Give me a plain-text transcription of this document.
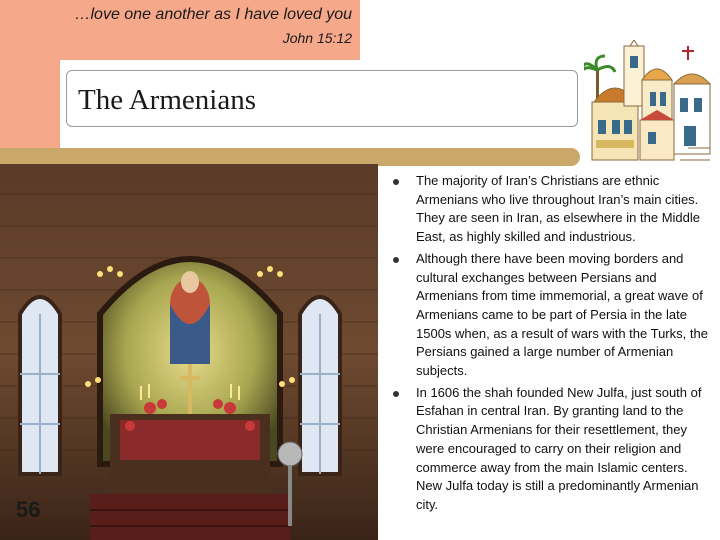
…love one another as I have loved you
John 15:12
The Armenians
56
The majority of Iran’s Christians are ethnic Armenians who live throughout Iran’s main cities. They are seen in Iran, as elsewhere in the Middle East, as highly skilled and industrious.
Although there have been moving borders and cultural exchanges between Persians and Armenians from time immemorial, a great wave of Armenians came to be part of Persia in the late 1500s when, as a result of wars with the Turks, the Persians gained a large number of Armenian subjects.
In 1606 the shah founded New Julfa, just south of Esfahan in central Iran. By granting land to the Christian Armenians for their resettlement, they were encouraged to carry on their religion and commerce away from the main Islamic centers. New Julfa today is still a predominantly Armenian city.
